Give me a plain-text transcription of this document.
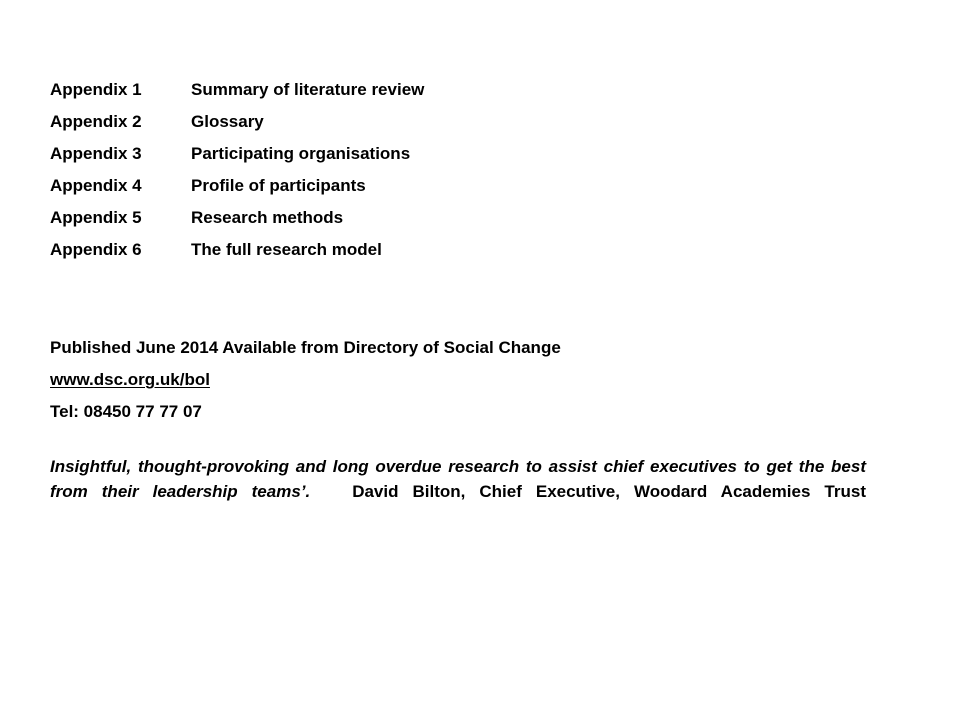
Appendix 1	Summary of literature review
Appendix 2	Glossary
Appendix 3	Participating organisations
Appendix 4	Profile of participants
Appendix 5	Research methods
Appendix 6	The full research model
Published June 2014 Available from Directory of Social Change
www.dsc.org.uk/bol
Tel: 08450 77 77 07

Insightful, thought-provoking and long overdue research to assist chief executives to get the best from their leadership teams’. David Bilton, Chief Executive, Woodard Academies Trust
